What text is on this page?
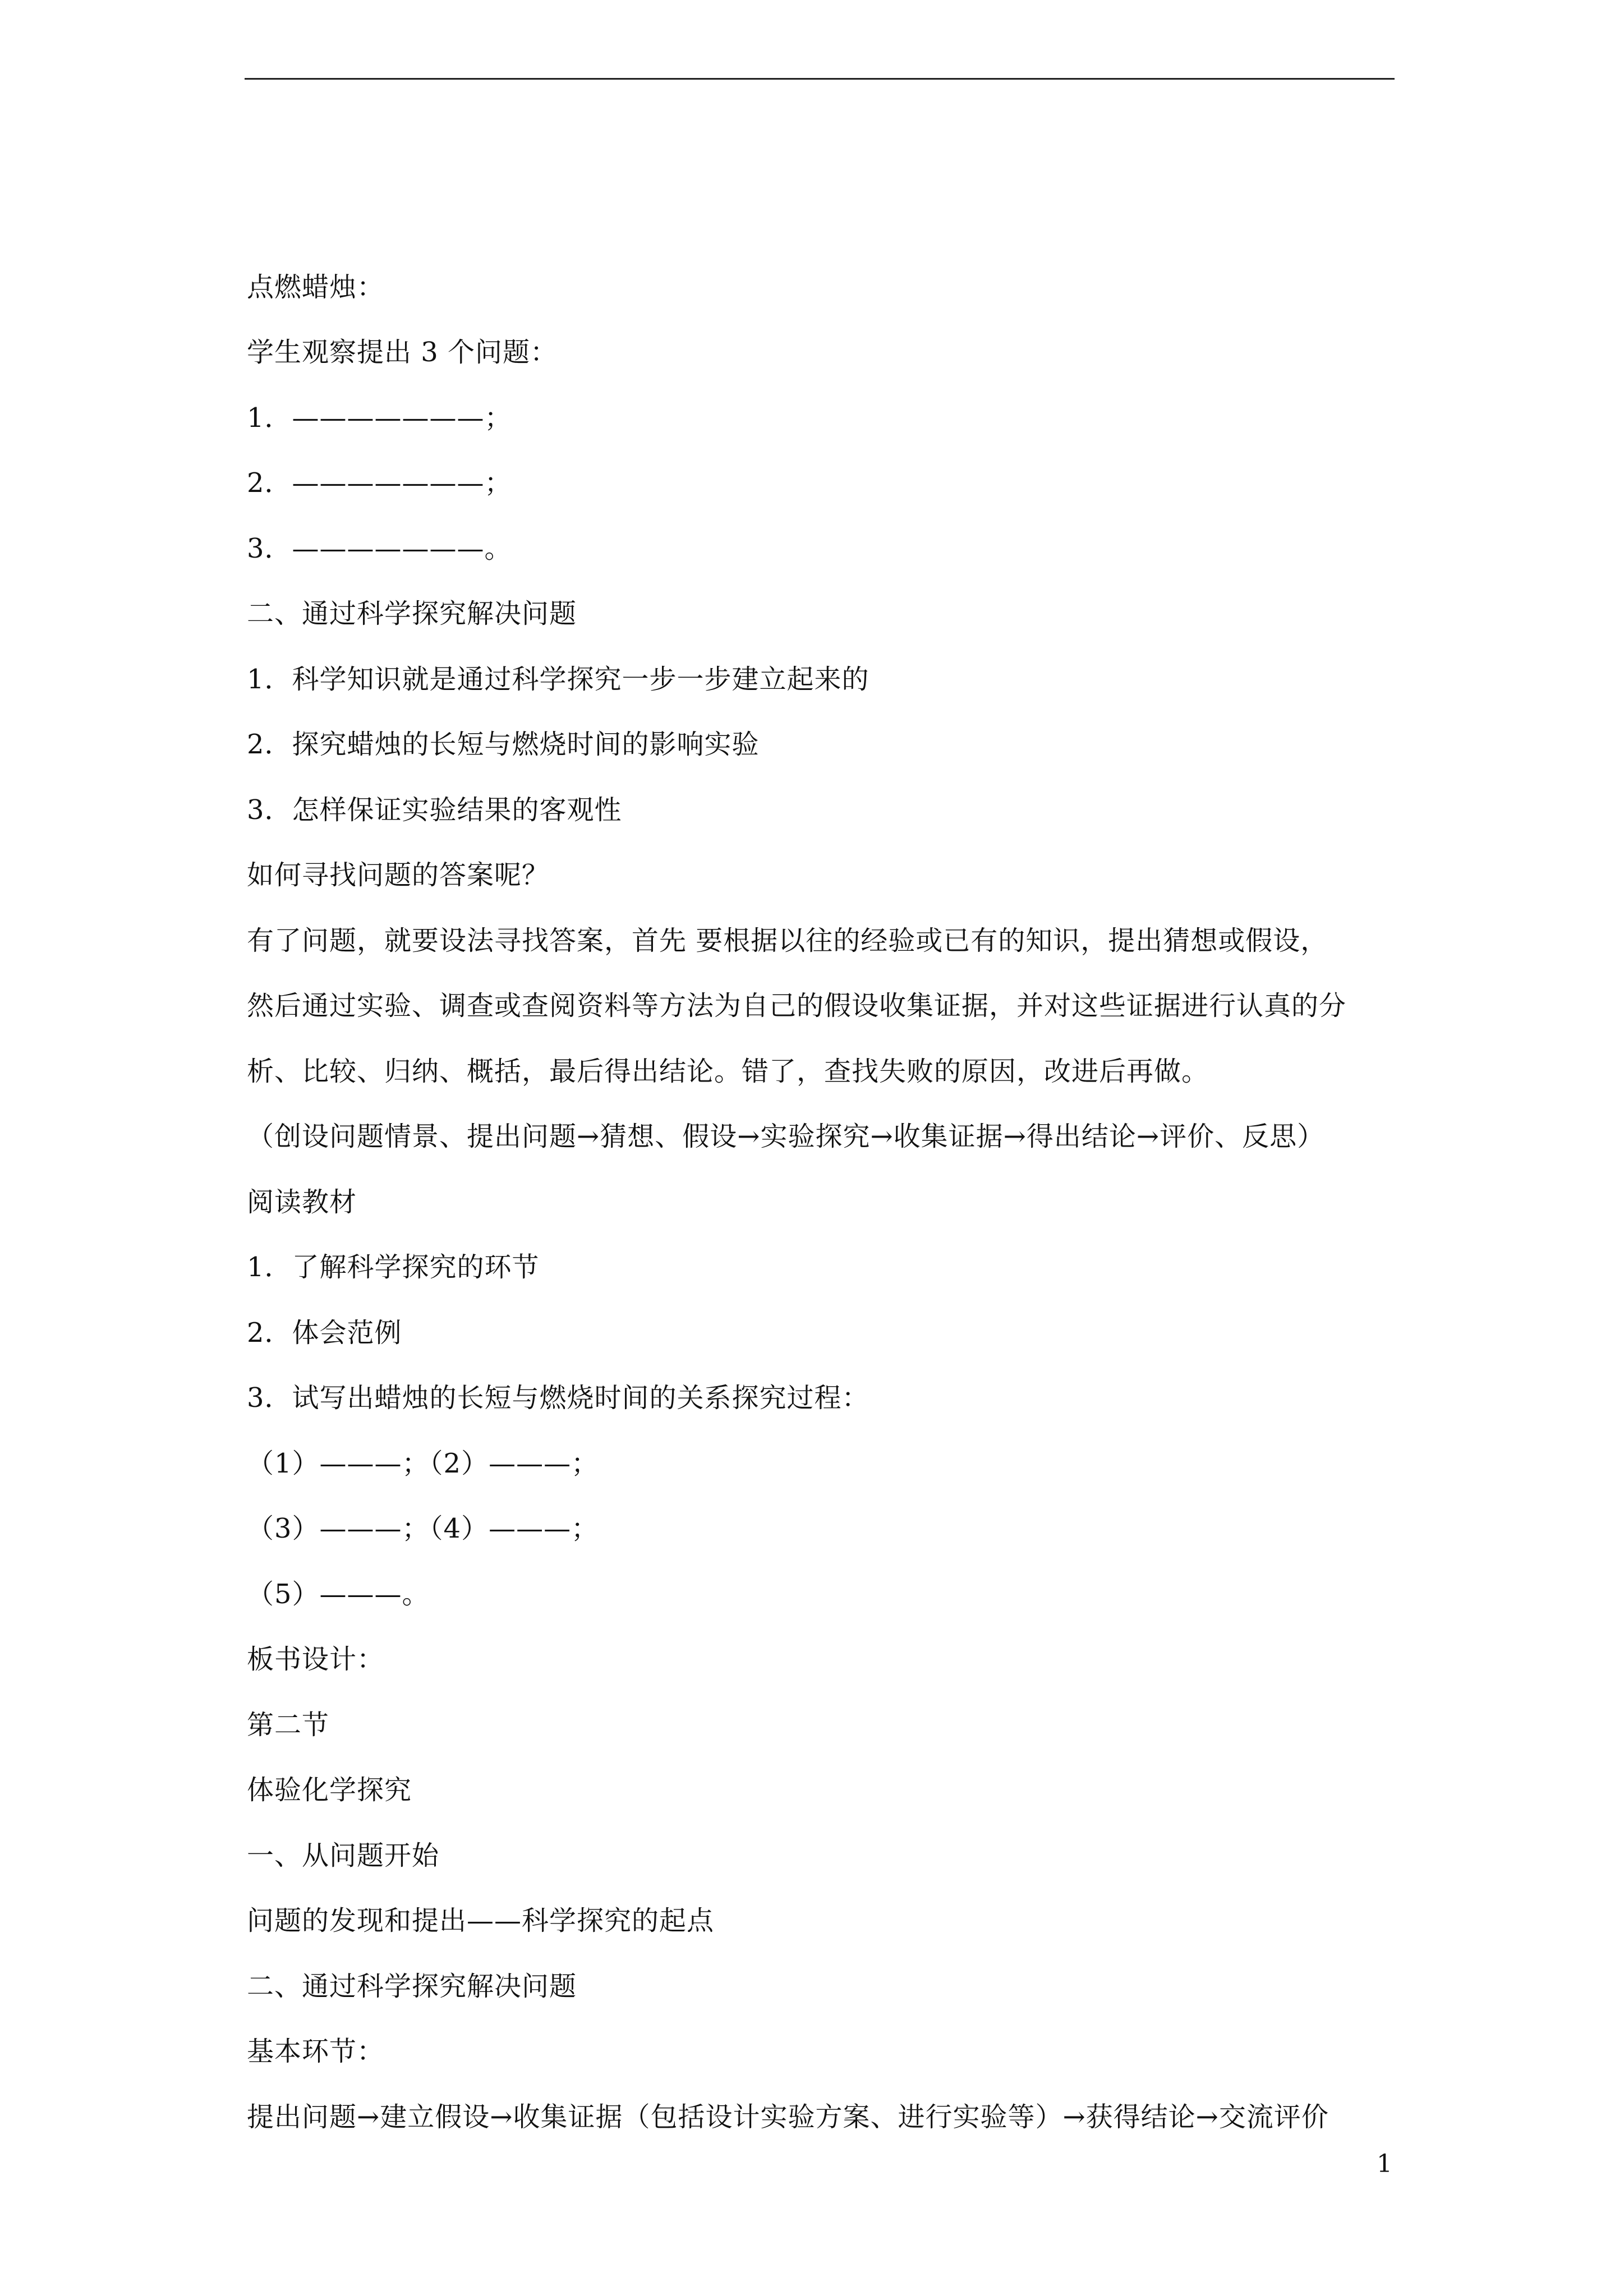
点燃蜡烛：
学生观察提出 3 个问题：
1．———————；
2．———————；
3．———————。
二、通过科学探究解决问题
1．科学知识就是通过科学探究一步一步建立起来的
2．探究蜡烛的长短与燃烧时间的影响实验
3．怎样保证实验结果的客观性
如何寻找问题的答案呢？
有了问题，就要设法寻找答案，首先 要根据以往的经验或已有的知识，提出猜想或假设，
然后通过实验、调查或查阅资料等方法为自己的假设收集证据，并对这些证据进行认真的分
析、比较、归纳、概括，最后得出结论。错了，查找失败的原因，改进后再做。
（创设问题情景、提出问题→猜想、假设→实验探究→收集证据→得出结论→评价、反思）
阅读教材
1．了解科学探究的环节
2．体会范例
3．试写出蜡烛的长短与燃烧时间的关系探究过程：
（1）———；（2）———；
（3）———；（4）———；
（5）———。
板书设计：
第二节
体验化学探究
一、从问题开始
问题的发现和提出——科学探究的起点
二、通过科学探究解决问题
基本环节：
提出问题→建立假设→收集证据（包括设计实验方案、进行实验等）→获得结论→交流评价
1
